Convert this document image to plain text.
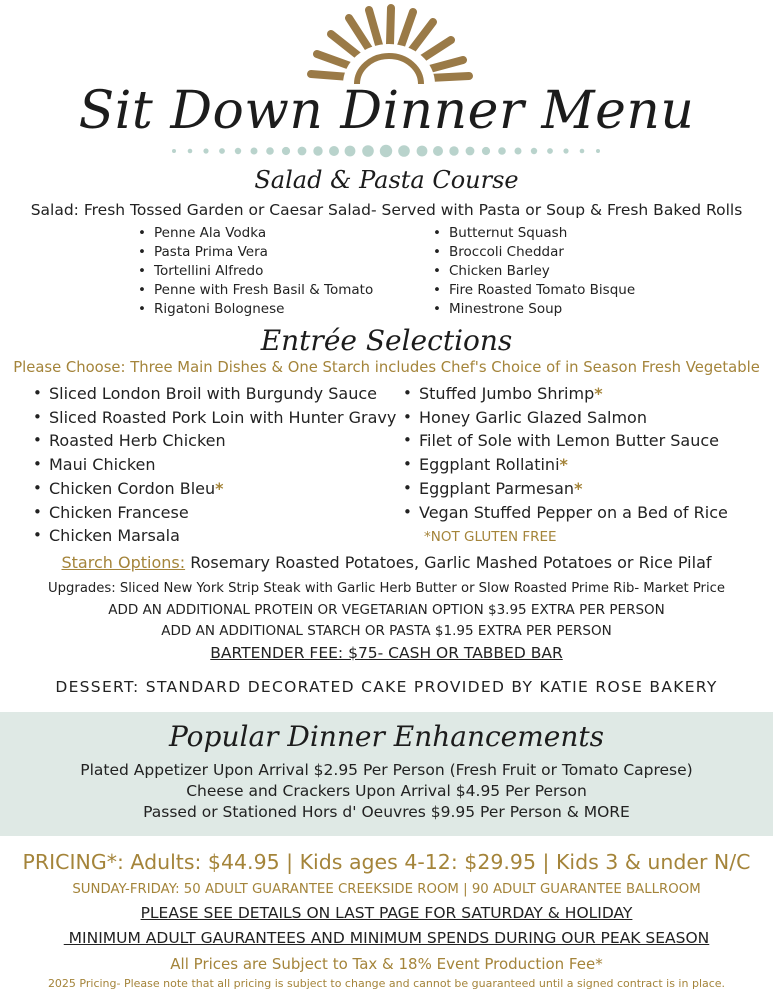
Sit Down Dinner Menu
Salad & Pasta Course
Salad: Fresh Tossed Garden or Caesar Salad- Served with Pasta or Soup & Fresh Baked Rolls
• Penne Ala Vodka
• Pasta Prima Vera
• Tortellini Alfredo
• Penne with Fresh Basil & Tomato
• Rigatoni Bolognese
• Butternut Squash
• Broccoli Cheddar
• Chicken Barley
• Fire Roasted Tomato Bisque
• Minestrone Soup
Entrée Selections
Please Choose: Three Main Dishes & One Starch includes Chef's Choice of in Season Fresh Vegetable
• Sliced London Broil with Burgundy Sauce
• Sliced Roasted Pork Loin with Hunter Gravy
• Roasted Herb Chicken
• Maui Chicken
• Chicken Cordon Bleu*
• Chicken Francese
• Chicken Marsala
• Stuffed Jumbo Shrimp*
• Honey Garlic Glazed Salmon
• Filet of Sole with Lemon Butter Sauce
• Eggplant Rollatini*
• Eggplant Parmesan*
• Vegan Stuffed Pepper on a Bed of Rice
*NOT GLUTEN FREE
Starch Options: Rosemary Roasted Potatoes, Garlic Mashed Potatoes or Rice Pilaf
Upgrades: Sliced New York Strip Steak with Garlic Herb Butter or Slow Roasted Prime Rib- Market Price
ADD AN ADDITIONAL PROTEIN OR VEGETARIAN OPTION $3.95 EXTRA PER PERSON
ADD AN ADDITIONAL STARCH OR PASTA $1.95 EXTRA PER PERSON
BARTENDER FEE: $75- CASH OR TABBED BAR
DESSERT: STANDARD DECORATED CAKE PROVIDED BY KATIE ROSE BAKERY
Popular Dinner Enhancements
Plated Appetizer Upon Arrival $2.95 Per Person (Fresh Fruit or Tomato Caprese)
Cheese and Crackers Upon Arrival $4.95 Per Person
Passed or Stationed Hors d' Oeuvres $9.95 Per Person & MORE
PRICING*: Adults: $44.95 | Kids ages 4-12: $29.95 | Kids 3 & under N/C
SUNDAY-FRIDAY: 50 ADULT GUARANTEE CREEKSIDE ROOM | 90 ADULT GUARANTEE BALLROOM
PLEASE SEE DETAILS ON LAST PAGE FOR SATURDAY & HOLIDAY
MINIMUM ADULT GAURANTEES AND MINIMUM SPENDS DURING OUR PEAK SEASON
All Prices are Subject to Tax & 18% Event Production Fee*
2025 Pricing- Please note that all pricing is subject to change and cannot be guaranteed until a signed contract is in place.
